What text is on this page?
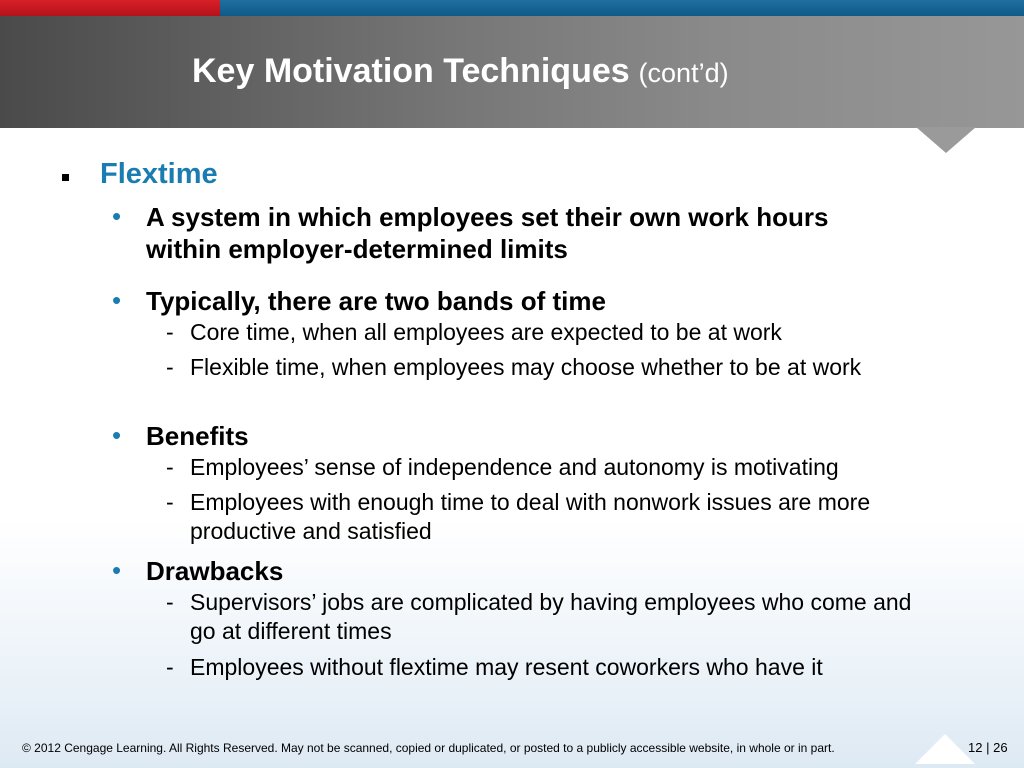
Key Motivation Techniques (cont’d)
Flextime
• A system in which employees set their own work hours within employer-determined limits
• Typically, there are two bands of time
- Core time, when all employees are expected to be at work
- Flexible time, when employees may choose whether to be at work
• Benefits
- Employees’ sense of independence and autonomy is motivating
- Employees with enough time to deal with nonwork issues are more productive and satisfied
• Drawbacks
- Supervisors’ jobs are complicated by having employees who come and go at different times
- Employees without flextime may resent coworkers who have it
© 2012 Cengage Learning. All Rights Reserved. May not be scanned, copied or duplicated, or posted to a publicly accessible website, in whole or in part.	12 | 26
